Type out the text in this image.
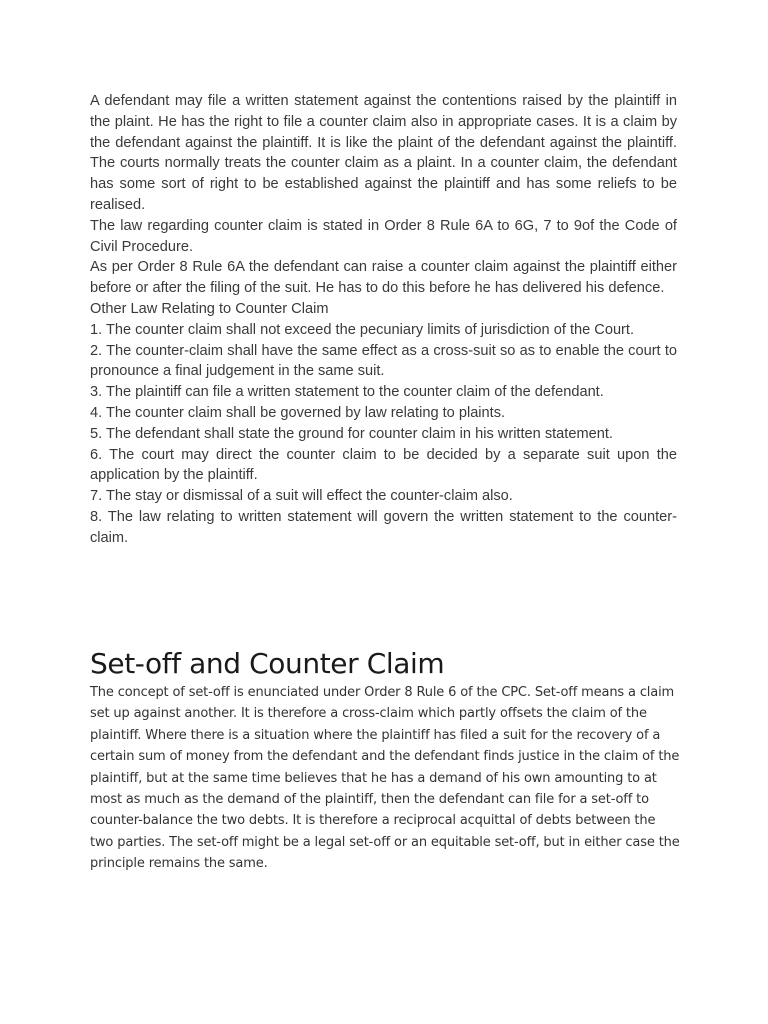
A defendant may file a written statement against the contentions raised by the plaintiff in the plaint. He has the right to file a counter claim also in appropriate cases. It is a claim by the defendant against the plaintiff. It is like the plaint of the defendant against the plaintiff. The courts normally treats the counter claim as a plaint. In a counter claim, the defendant has some sort of right to be established against the plaintiff and has some reliefs to be realised.

The law regarding counter claim is stated in Order 8 Rule 6A to 6G, 7 to 9of the Code of Civil Procedure.

As per Order 8 Rule 6A the defendant can raise a counter claim against the plaintiff either before or after the filing of the suit. He has to do this before he has delivered his defence.

Other Law Relating to Counter Claim

1. The counter claim shall not exceed the pecuniary limits of jurisdiction of the Court.

2. The counter-claim shall have the same effect as a cross-suit so as to enable the court to pronounce a final judgement in the same suit.

3. The plaintiff can file a written statement to the counter claim of the defendant.

4. The counter claim shall be governed by law relating to plaints.

5. The defendant shall state the ground for counter claim in his written statement.

6. The court may direct the counter claim to be decided by a separate suit upon the application by the plaintiff.

7. The stay or dismissal of a suit will effect the counter-claim also.

8. The law relating to written statement will govern the written statement to the counter-claim.

Set-off and Counter Claim

The concept of set-off is enunciated under Order 8 Rule 6 of the CPC. Set-off means a claim set up against another. It is therefore a cross-claim which partly offsets the claim of the plaintiff. Where there is a situation where the plaintiff has filed a suit for the recovery of a certain sum of money from the defendant and the defendant finds justice in the claim of the plaintiff, but at the same time believes that he has a demand of his own amounting to at most as much as the demand of the plaintiff, then the defendant can file for a set-off to counter-balance the two debts. It is therefore a reciprocal acquittal of debts between the two parties. The set-off might be a legal set-off or an equitable set-off, but in either case the principle remains the same.
